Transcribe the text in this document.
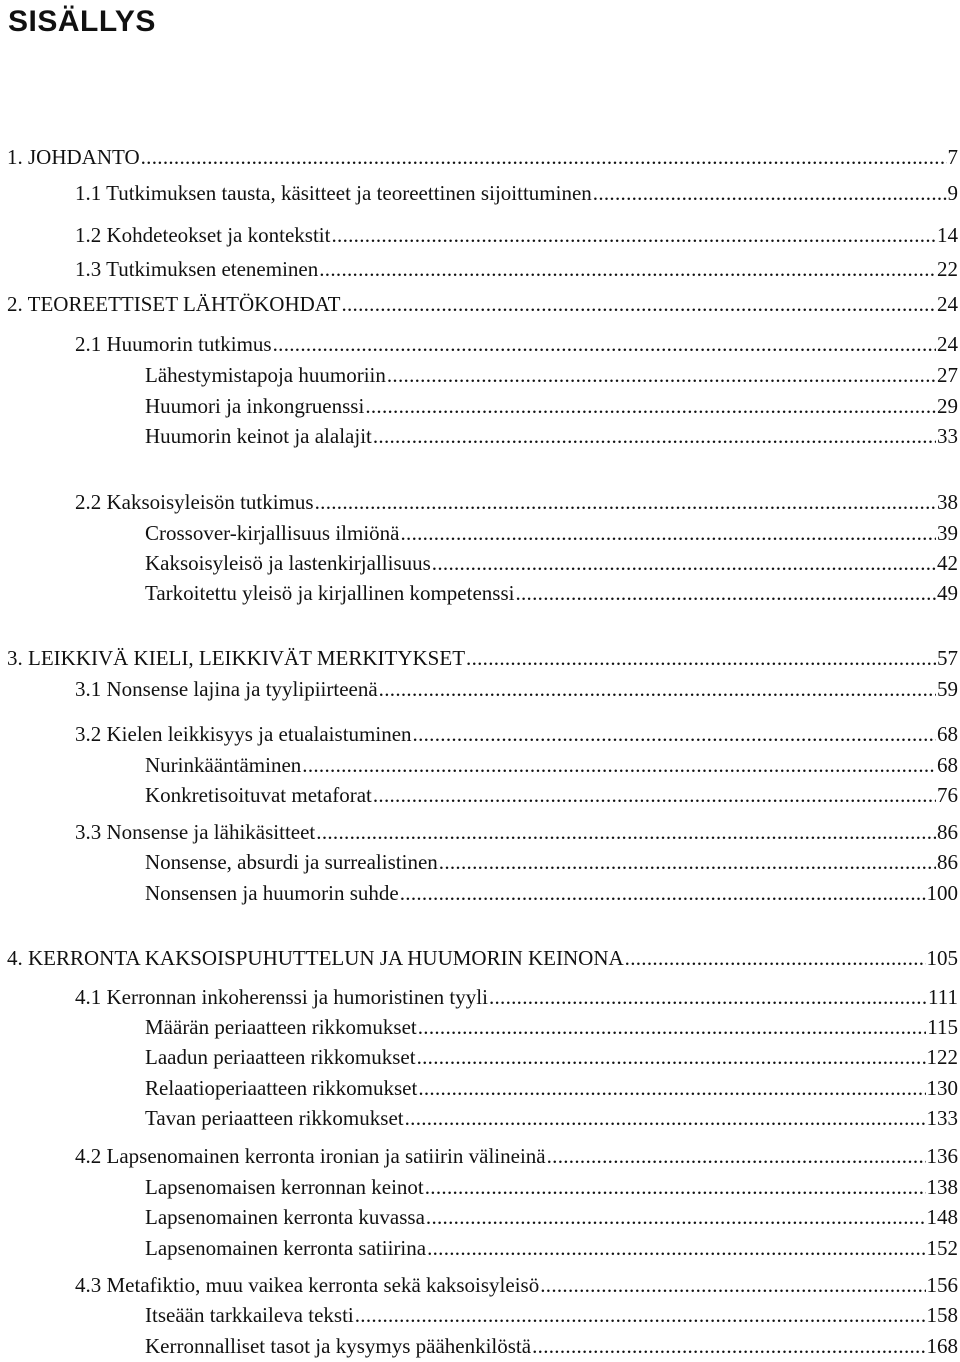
SISÄLLYS
1. JOHDANTO .....	7
1.1 Tutkimuksen tausta, käsitteet ja teoreettinen sijoittuminen .....	9
1.2 Kohdeteokset ja kontekstit .....	14
1.3 Tutkimuksen eteneminen .....	22
2. TEOREETTISET LÄHTÖKOHDAT .....	24
2.1 Huumorin tutkimus .....	24
Lähestymistapoja huumoriin .....	27
Huumori ja inkongruenssi .....	29
Huumorin keinot ja alalajit .....	33
2.2 Kaksoisyleisön tutkimus .....	38
Crossover-kirjallisuus ilmiönä .....	39
Kaksoisyleisö ja lastenkirjallisuus .....	42
Tarkoitettu yleisö ja kirjallinen kompetenssi .....	49
3. LEIKKIVÄ KIELI, LEIKKIVÄT MERKITYKSET .....	57
3.1 Nonsense lajina ja tyylipiirteenä .....	59
3.2 Kielen leikkisyys ja etualaistuminen .....	68
Nurinkääntäminen .....	68
Konkretisoituvat metaforat .....	76
3.3 Nonsense ja lähikäsitteet .....	86
Nonsense, absurdi ja surrealistinen .....	86
Nonsensen ja huumorin suhde .....	100
4. KERRONTA KAKSOISPUHUTTELUN JA HUUMORIN KEINONA .....	105
4.1 Kerronnan inkoherenssi ja humoristinen tyyli .....	111
Määrän periaatteen rikkomukset .....	115
Laadun periaatteen rikkomukset .....	122
Relaatioperiaatteen rikkomukset .....	130
Tavan periaatteen rikkomukset .....	133
4.2 Lapsenomainen kerronta ironian ja satiirin välineinä .....	136
Lapsenomaisen kerronnan keinot .....	138
Lapsenomainen kerronta kuvassa .....	148
Lapsenomainen kerronta satiirina .....	152
4.3 Metafiktio, muu vaikea kerronta sekä kaksoisyleisö .....	156
Itseään tarkkaileva teksti .....	158
Kerronnalliset tasot ja kysymys päähenkilöstä .....	168
